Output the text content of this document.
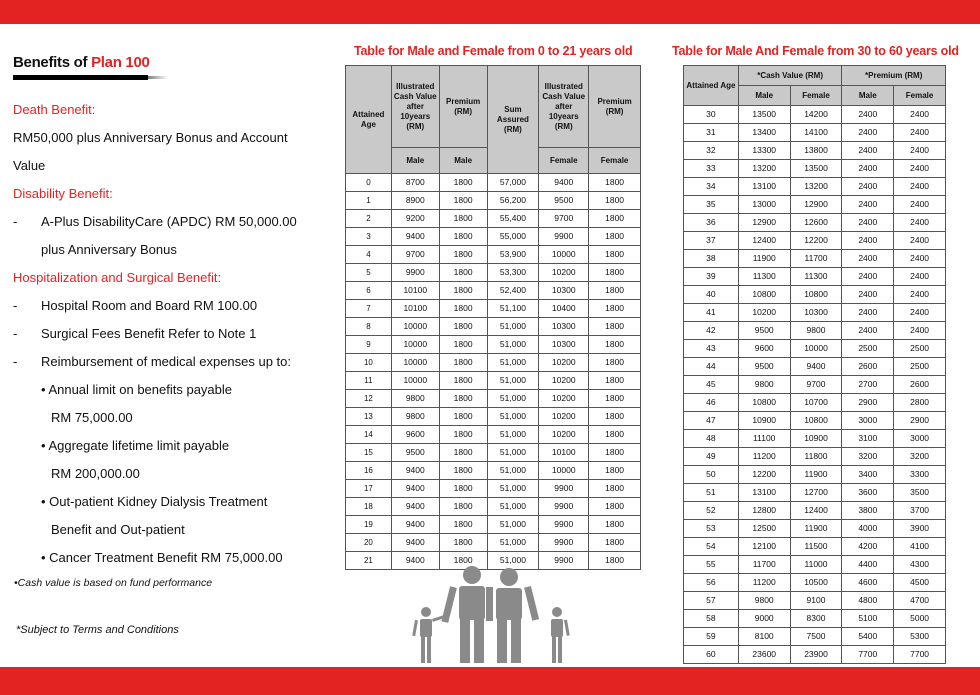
Benefits of Plan 100
Death Benefit:
RM50,000 plus Anniversary Bonus and Account
Value
Disability Benefit:
- A-Plus DisabilityCare (APDC) RM 50,000.00
plus Anniversary Bonus
Hospitalization and Surgical Benefit:
- Hospital Room and Board RM 100.00
- Surgical Fees Benefit Refer to Note 1
- Reimbursement of medical expenses up to:
• Annual limit on benefits payable
RM 75,000.00
• Aggregate lifetime limit payable
RM 200,000.00
• Out-patient Kidney Dialysis Treatment
Benefit and Out-patient
• Cancer Treatment Benefit RM 75,000.00
•Cash value is based on fund performance
*Subject to Terms and Conditions
Table for Male and Female from 0 to 21 years old
Attained Age	Illustrated Cash Value after 10years (RM)	Premium (RM)	Sum Assured (RM)	Illustrated Cash Value after 10years (RM)	Premium (RM)
	Male	Male		Female	Female
0	8700	1800	57,000	9400	1800
1	8900	1800	56,200	9500	1800
2	9200	1800	55,400	9700	1800
3	9400	1800	55,000	9900	1800
4	9700	1800	53,900	10000	1800
5	9900	1800	53,300	10200	1800
6	10100	1800	52,400	10300	1800
7	10100	1800	51,100	10400	1800
8	10000	1800	51,000	10300	1800
9	10000	1800	51,000	10300	1800
10	10000	1800	51,000	10200	1800
11	10000	1800	51,000	10200	1800
12	9800	1800	51,000	10200	1800
13	9800	1800	51,000	10200	1800
14	9600	1800	51,000	10200	1800
15	9500	1800	51,000	10100	1800
16	9400	1800	51,000	10000	1800
17	9400	1800	51,000	9900	1800
18	9400	1800	51,000	9900	1800
19	9400	1800	51,000	9900	1800
20	9400	1800	51,000	9900	1800
21	9400	1800	51,000	9900	1800
Table for Male And Female from 30 to 60 years old
Attained Age	*Cash Value (RM)		*Premium (RM)	
	Male	Female	Male	Female
30	13500	14200	2400	2400
31	13400	14100	2400	2400
32	13300	13800	2400	2400
33	13200	13500	2400	2400
34	13100	13200	2400	2400
35	13000	12900	2400	2400
36	12900	12600	2400	2400
37	12400	12200	2400	2400
38	11900	11700	2400	2400
39	11300	11300	2400	2400
40	10800	10800	2400	2400
41	10200	10300	2400	2400
42	9500	9800	2400	2400
43	9600	10000	2500	2500
44	9500	9400	2600	2500
45	9800	9700	2700	2600
46	10800	10700	2900	2800
47	10900	10800	3000	2900
48	11100	10900	3100	3000
49	11200	11800	3200	3200
50	12200	11900	3400	3300
51	13100	12700	3600	3500
52	12800	12400	3800	3700
53	12500	11900	4000	3900
54	12100	11500	4200	4100
55	11700	11000	4400	4300
56	11200	10500	4600	4500
57	9800	9100	4800	4700
58	9000	8300	5100	5000
59	8100	7500	5400	5300
60	23600	23900	7700	7700
